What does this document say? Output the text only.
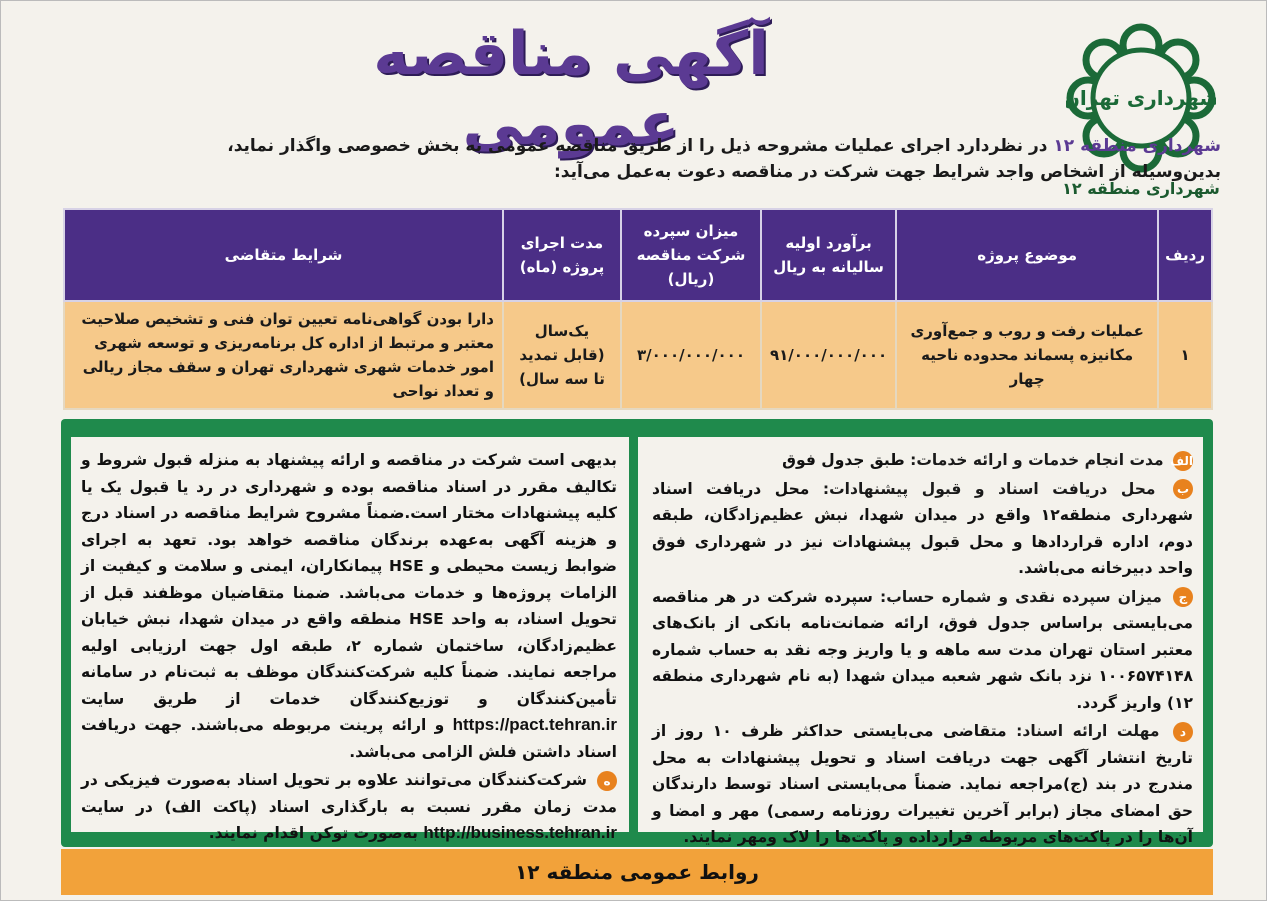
شهرداری تهران
شهرداری منطقه ۱۲
آگهی مناقصه عمومی	شهرداری منطقه ۱۲ در نظردارد اجرای عملیات مشروحه ذیل را از طریق مناقصه عمومی به بخش خصوصی واگذار نماید،
بدین‌وسیله از اشخاص واجد شرایط جهت شرکت در مناقصه دعوت به‌عمل می‌آید:
ردیف	موضوع پروژه	برآورد اولیه سالیانه به ریال	میزان سپرده شرکت مناقصه (ریال)	مدت اجرای پروژه (ماه)	شرایط متقاضی
۱	عملیات رفت و روب و جمع‌آوری مکانیزه پسماند محدوده ناحیه چهار	۹۱/۰۰۰/۰۰۰/۰۰۰	۳/۰۰۰/۰۰۰/۰۰۰	یک‌سال (قابل تمدید تا سه سال)	دارا بودن گواهی‌نامه تعیین توان فنی و تشخیص صلاحیت معتبر و مرتبط از اداره کل برنامه‌ریزی و توسعه شهری امور خدمات شهری شهرداری تهران و سقف مجاز ریالی و تعداد نواحی
الف مدت انجام خدمات و ارائه خدمات: طبق جدول فوق
ب محل دریافت اسناد و قبول پیشنهادات: محل دریافت اسناد شهرداری منطقه۱۲ واقع در میدان شهدا، نبش عظیم‌زادگان، طبقه دوم، اداره قراردادها و محل قبول پیشنهادات نیز در شهرداری فوق واحد دبیرخانه می‌باشد.
ج میزان سپرده نقدی و شماره حساب: سپرده شرکت در هر مناقصه می‌بایستی براساس جدول فوق، ارائه ضمانت‌نامه بانکی از بانک‌های معتبر استان تهران مدت سه ماهه و یا واریز وجه نقد به حساب شماره ۱۰۰۶۵۷۴۱۴۸ نزد بانک شهر شعبه میدان شهدا (به نام شهرداری منطقه ۱۲) واریز گردد.
د مهلت ارائه اسناد: متقاضی می‌بایستی حداکثر ظرف ۱۰ روز از تاریخ انتشار آگهی جهت دریافت اسناد و تحویل پیشنهادات به محل مندرج در بند (ج)مراجعه نماید. ضمناً می‌بایستی اسناد توسط دارندگان حق امضای مجاز (برابر آخرین تغییرات روزنامه رسمی) مهر و امضا و آن‌ها را در پاکت‌های مربوطه قرارداده و پاکت‌ها را لاک ومهر نمایند.
بدیهی است شرکت در مناقصه و ارائه پیشنهاد به منزله قبول شروط و تکالیف مقرر در اسناد مناقصه بوده و شهرداری در رد یا قبول یک یا کلیه پیشنهادات مختار است.ضمناً مشروح شرایط مناقصه در اسناد درج و هزینه آگهی به‌عهده برندگان مناقصه خواهد بود. تعهد به اجرای ضوابط زیست محیطی و HSE پیمانکاران، ایمنی و سلامت و کیفیت از الزامات پروژه‌ها و خدمات می‌باشد. ضمنا متقاضیان موظفند قبل از تحویل اسناد، به واحد HSE منطقه واقع در میدان شهدا، نبش خیابان عظیم‌زادگان، ساختمان شماره ۲، طبقه اول جهت ارزیابی اولیه مراجعه نمایند. ضمناً کلیه شرکت‌کنندگان موظف به ثبت‌نام در سامانه تأمین‌کنندگان و توزیع‌کنندگان خدمات از طریق سایت https://pact.tehran.ir و ارائه پرینت مربوطه می‌باشند. جهت دریافت اسناد داشتن فلش الزامی می‌باشد.
ه شرکت‌کنندگان می‌توانند علاوه بر تحویل اسناد به‌صورت فیزیکی در مدت زمان مقرر نسبت به بارگذاری اسناد (پاکت الف) در سایت http://business.tehran.ir به‌صورت توکن اقدام نمایند.
روابط عمومی منطقه ۱۲
